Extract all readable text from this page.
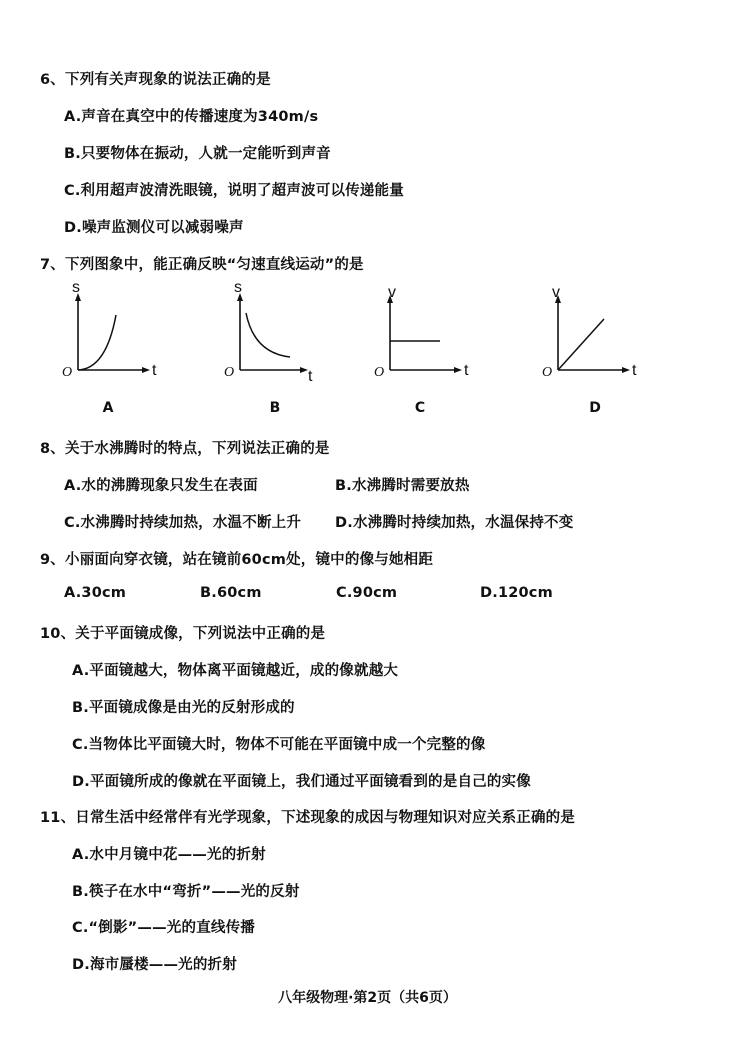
6、下列有关声现象的说法正确的是
A.声音在真空中的传播速度为340m/s
B.只要物体在振动，人就一定能听到声音
C.利用超声波清洗眼镜，说明了超声波可以传递能量
D.噪声监测仪可以减弱噪声
7、下列图象中，能正确反映“匀速直线运动”的是
s
t
O
A
s
t
O
B
v
t
O
C
v
t
O
D
8、关于水沸腾时的特点，下列说法正确的是
A.水的沸腾现象只发生在表面	B.水沸腾时需要放热
C.水沸腾时持续加热，水温不断上升 D.水沸腾时持续加热，水温保持不变
9、小丽面向穿衣镜，站在镜前60cm处，镜中的像与她相距
A.30cm	B.60cm	C.90cm	D.120cm
10、关于平面镜成像，下列说法中正确的是
A.平面镜越大，物体离平面镜越近，成的像就越大
B.平面镜成像是由光的反射形成的
C.当物体比平面镜大时，物体不可能在平面镜中成一个完整的像
D.平面镜所成的像就在平面镜上，我们通过平面镜看到的是自己的实像
11、日常生活中经常伴有光学现象，下述现象的成因与物理知识对应关系正确的是
A.水中月镜中花——光的折射
B.筷子在水中“弯折”——光的反射
C.“倒影”——光的直线传播
D.海市蜃楼——光的折射
八年级物理·第2页（共6页）
